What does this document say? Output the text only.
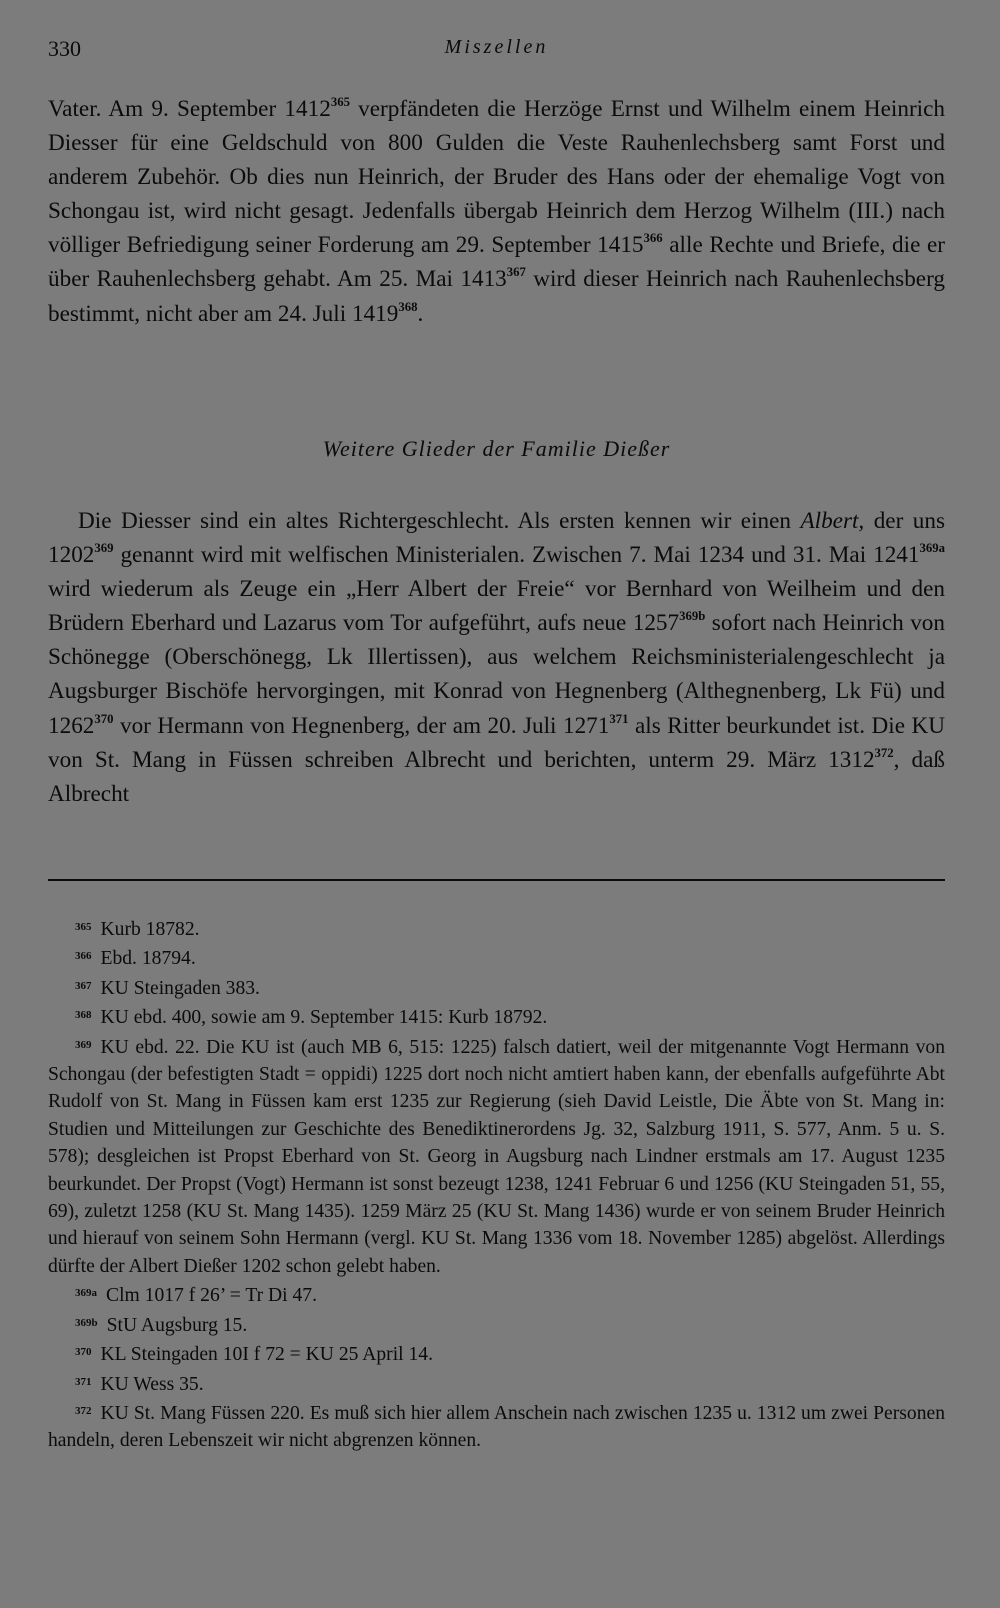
330	Miszellen

Vater. Am 9. September 1412$^{365}$ verpfändeten die Herzöge Ernst und Wilhelm einem Heinrich Diesser für eine Geldschuld von 800 Gulden die Veste Rauhenlechsberg samt Forst und anderem Zubehör. Ob dies nun Heinrich, der Bruder des Hans oder der ehemalige Vogt von Schongau ist, wird nicht gesagt. Jedenfalls übergab Heinrich dem Herzog Wilhelm (III.) nach völliger Befriedigung seiner Forderung am 29. September 1415$^{366}$ alle Rechte und Briefe, die er über Rauhenlechsberg gehabt. Am 25. Mai 1413$^{367}$ wird dieser Heinrich nach Rauhenlechsberg bestimmt, nicht aber am 24. Juli 1419$^{368}$.

Weitere Glieder der Familie Dießer

Die Diesser sind ein altes Richtergeschlecht. Als ersten kennen wir einen Albert, der uns 1202$^{369}$ genannt wird mit welfischen Ministerialen. Zwischen 7. Mai 1234 und 31. Mai $1241^{369a}$ wird wiederum als Zeuge ein „Herr Albert der Freie“ vor Bernhard von Weilheim und den Brüdern Eberhard und Lazarus vom Tor aufgeführt, aufs neue $1257^{369b}$ sofort nach Heinrich von Schönegge (Oberschönegg, Lk Illertissen), aus welchem Reichsministerialengeschlecht ja Augsburger Bischöfe hervorgingen, mit Konrad von Hegnenberg (Althegnenberg, Lk Fü) und 1262$^{370}$ vor Hermann von Hegnenberg, der am 20. Juli 1271$^{371}$ als Ritter beurkundet ist. Die KU von St. Mang in Füssen schreiben Albrecht und berichten, unterm 29. März 1312$^{372}$, daß Albrecht

$^{365}$ Kurb 18782.

$^{366}$ Ebd. 18794.

$^{367}$ KU Steingaden 383.

$^{368}$ KU ebd. 400, sowie am 9. September 1415: Kurb 18792.

$^{369}$ KU ebd. 22. Die KU ist (auch MB 6, 515: 1225) falsch datiert, weil der mitgenannte Vogt Hermann von Schongau (der befestigten Stadt = oppidi) 1225 dort noch nicht amtiert haben kann, der ebenfalls aufgeführte Abt Rudolf von St. Mang in Füssen kam erst 1235 zur Regierung (sieh David Leistle, Die Äbte von St. Mang in: Studien und Mitteilungen zur Geschichte des Benediktinerordens Jg. 32, Salzburg 1911, S. 577, Anm. 5 u. S. 578); desgleichen ist Propst Eberhard von St. Georg in Augsburg nach Lindner erstmals am 17. August 1235 beurkundet. Der Propst (Vogt) Hermann ist sonst bezeugt 1238, 1241 Februar 6 und 1256 (KU Steingaden 51, 55, 69), zuletzt 1258 (KU St. Mang 1435). 1259 März 25 (KU St. Mang 1436) wurde er von seinem Bruder Heinrich und hierauf von seinem Sohn Hermann (vergl. KU St. Mang 1336 vom 18. November 1285) abgelöst. Allerdings dürfte der Albert Dießer 1202 schon gelebt haben.

$^{369a}$ Clm 1017 f 26’ = Tr Di 47.

$^{369b}$ StU Augsburg 15.

$^{370}$ KL Steingaden 10I f 72 = KU 25 April 14.

$^{371}$ KU Wess 35.

$^{372}$ KU St. Mang Füssen 220. Es muß sich hier allem Anschein nach zwischen 1235 u. 1312 um zwei Personen handeln, deren Lebenszeit wir nicht abgrenzen können.
